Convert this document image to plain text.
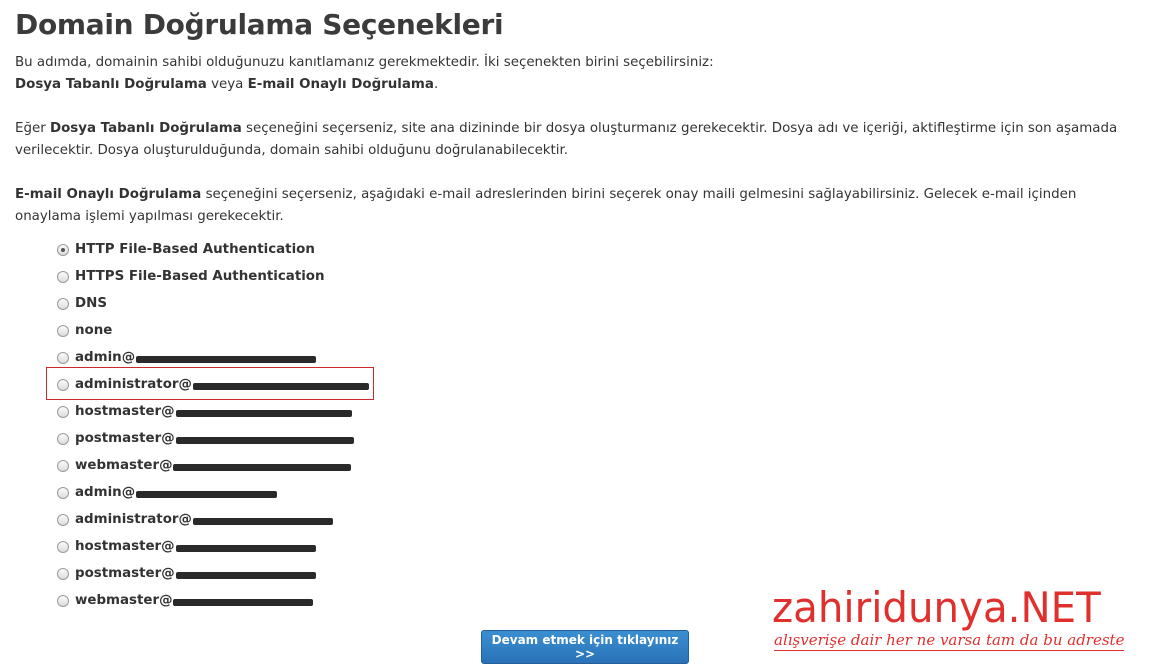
Domain Doğrulama Seçenekleri

Bu adımda, domainin sahibi olduğunuzu kanıtlamanız gerekmektedir. İki seçenekten birini seçebilirsiniz:
Dosya Tabanlı Doğrulama veya E-mail Onaylı Doğrulama.

Eğer Dosya Tabanlı Doğrulama seçeneğini seçerseniz, site ana dizininde bir dosya oluşturmanız gerekecektir. Dosya adı ve içeriği, aktifleştirme için son aşamada verilecektir. Dosya oluşturulduğunda, domain sahibi olduğunu doğrulanabilecektir.

E-mail Onaylı Doğrulama seçeneğini seçerseniz, aşağıdaki e-mail adreslerinden birini seçerek onay maili gelmesini sağlayabilirsiniz. Gelecek e-mail içinden onaylama işlemi yapılması gerekecektir.

HTTP File-Based Authentication
HTTPS File-Based Authentication
DNS
none
admin@
administrator@
hostmaster@
postmaster@
webmaster@
admin@
administrator@
hostmaster@
postmaster@
webmaster@
Devam etmek için tıklayınız >>
zahiridunya.NET
alışverişe dair her ne varsa tam da bu adreste
